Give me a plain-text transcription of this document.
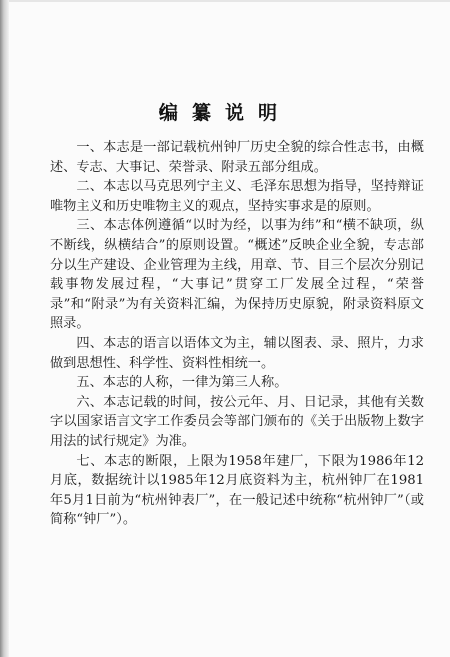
编纂说明

一、本志是一部记载杭州钟厂历史全貌的综合性志书，由概述、专志、大事记、荣誉录、附录五部分组成。

二、本志以马克思列宁主义、毛泽东思想为指导，坚持辩证唯物主义和历史唯物主义的观点，坚持实事求是的原则。

三、本志体例遵循“以时为经，以事为纬”和“横不缺项，纵不断线，纵横结合”的原则设置。“概述”反映企业全貌，专志部分以生产建设、企业管理为主线，用章、节、目三个层次分别记载事物发展过程，“大事记”贯穿工厂发展全过程，“荣誉录”和“附录”为有关资料汇编，为保持历史原貌，附录资料原文照录。

四、本志的语言以语体文为主，辅以图表、录、照片，力求做到思想性、科学性、资料性相统一。

五、本志的人称，一律为第三人称。

六、本志记载的时间，按公元年、月、日记录，其他有关数字以国家语言文字工作委员会等部门颁布的《关于出版物上数字用法的试行规定》为准。

七、本志的断限，上限为1958年建厂，下限为1986年12月底，数据统计以1985年12月底资料为主，杭州钟厂在1981年5月1日前为“杭州钟表厂”，在一般记述中统称“杭州钟厂”（或简称“钟厂”）。
